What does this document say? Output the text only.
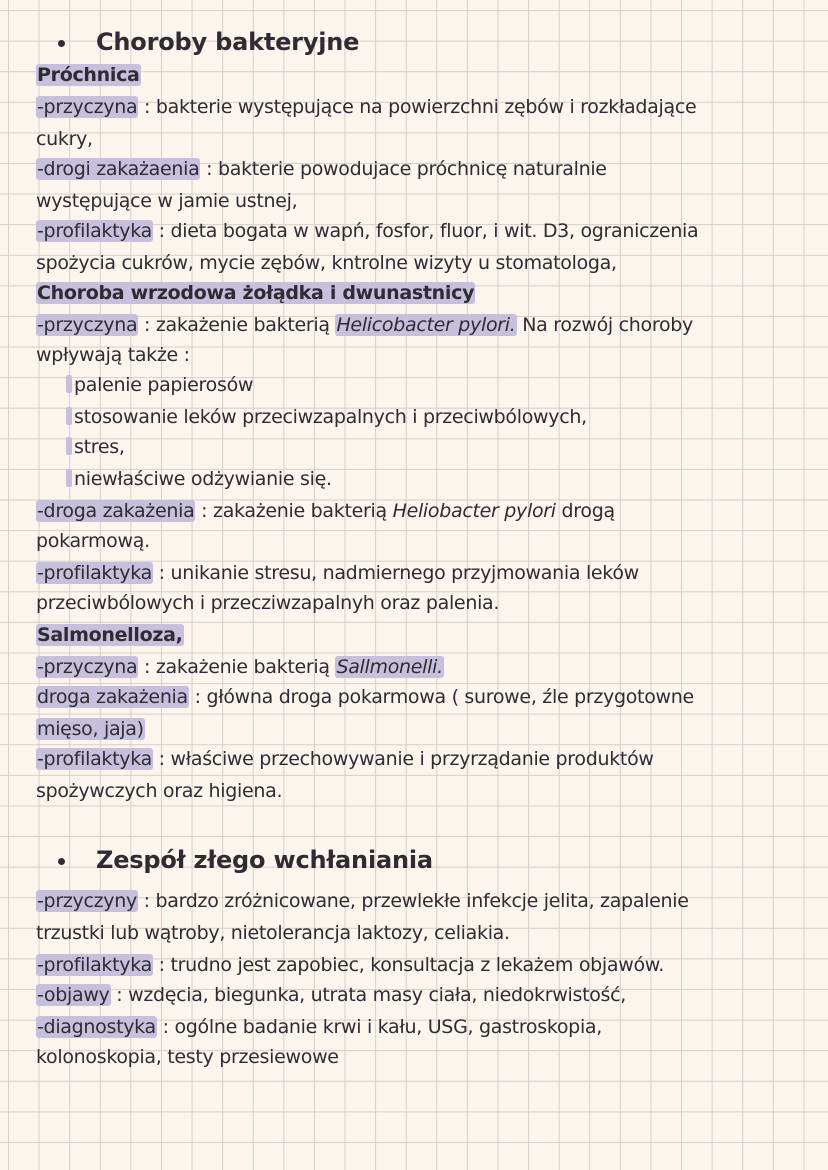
Choroby bakteryjne
Próchnica
-przyczyna : bakterie występujące na powierzchni zębów i rozkładające
cukry,
-drogi zakażaenia : bakterie powodujace próchnicę naturalnie
występujące w jamie ustnej,
-profilaktyka : dieta bogata w wapń, fosfor, fluor, i wit. D3, ograniczenia
spożycia cukrów, mycie zębów, kntrolne wizyty u stomatologa,
Choroba wrzodowa żołądka i dwunastnicy
-przyczyna : zakażenie bakterią Helicobacter pylori. Na rozwój choroby
wpływają także :
palenie papierosów
stosowanie leków przeciwzapalnych i przeciwbólowych,
stres,
niewłaściwe odżywianie się.
-droga zakażenia : zakażenie bakterią Heliobacter pylori drogą
pokarmową.
-profilaktyka : unikanie stresu, nadmiernego przyjmowania leków
przeciwbólowych i przecziwzapalnyh oraz palenia.
Salmonelloza,
-przyczyna : zakażenie bakterią Sallmonelli.
droga zakażenia : główna droga pokarmowa ( surowe, źle przygotowne
mięso, jaja)
-profilaktyka : właściwe przechowywanie i przyrządanie produktów
spożywczych oraz higiena.
Zespół złego wchłaniania
-przyczyny : bardzo zróżnicowane, przewlekłe infekcje jelita, zapalenie
trzustki lub wątroby, nietolerancja laktozy, celiakia.
-profilaktyka : trudno jest zapobiec, konsultacja z lekażem objawów.
-objawy : wzdęcia, biegunka, utrata masy ciała, niedokrwistość,
-diagnostyka : ogólne badanie krwi i kału, USG, gastroskopia,
kolonoskopia, testy przesiewowe
